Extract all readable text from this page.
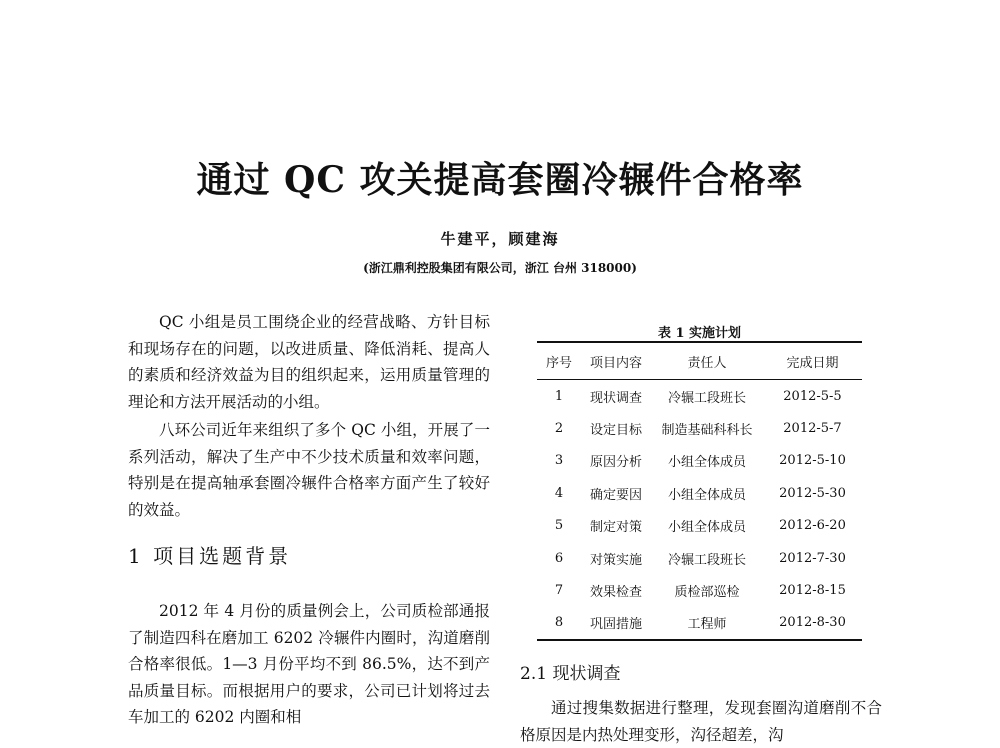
通过 QC 攻关提高套圈冷辗件合格率
牛建平，顾建海
(浙江鼎利控股集团有限公司，浙江 台州 318000)

QC 小组是员工围绕企业的经营战略、方针目标和现场存在的问题，以改进质量、降低消耗、提高人的素质和经济效益为目的组织起来，运用质量管理的理论和方法开展活动的小组。

八环公司近年来组织了多个 QC 小组，开展了一系列活动，解决了生产中不少技术质量和效率问题，特别是在提高轴承套圈冷辗件合格率方面产生了较好的效益。

1 项目选题背景

2012 年 4 月份的质量例会上，公司质检部通报了制造四科在磨加工 6202 冷辗件内圈时，沟道磨削合格率很低。1—3 月份平均不到 86.5%，达不到产品质量目标。而根据用户的要求，公司已计划将过去车加工的 6202 内圈和相

表 1 实施计划
序号	项目内容	责任人	完成日期
1	现状调查	冷辗工段班长	2012-5-5
2	设定目标	制造基础科科长	2012-5-7
3	原因分析	小组全体成员	2012-5-10
4	确定要因	小组全体成员	2012-5-30
5	制定对策	小组全体成员	2012-6-20
6	对策实施	冷辗工段班长	2012-7-30
7	效果检查	质检部巡检	2012-8-15
8	巩固措施	工程师	2012-8-30
2.1 现状调查

通过搜集数据进行整理，发现套圈沟道磨削不合格原因是内热处理变形，沟径超差，沟
